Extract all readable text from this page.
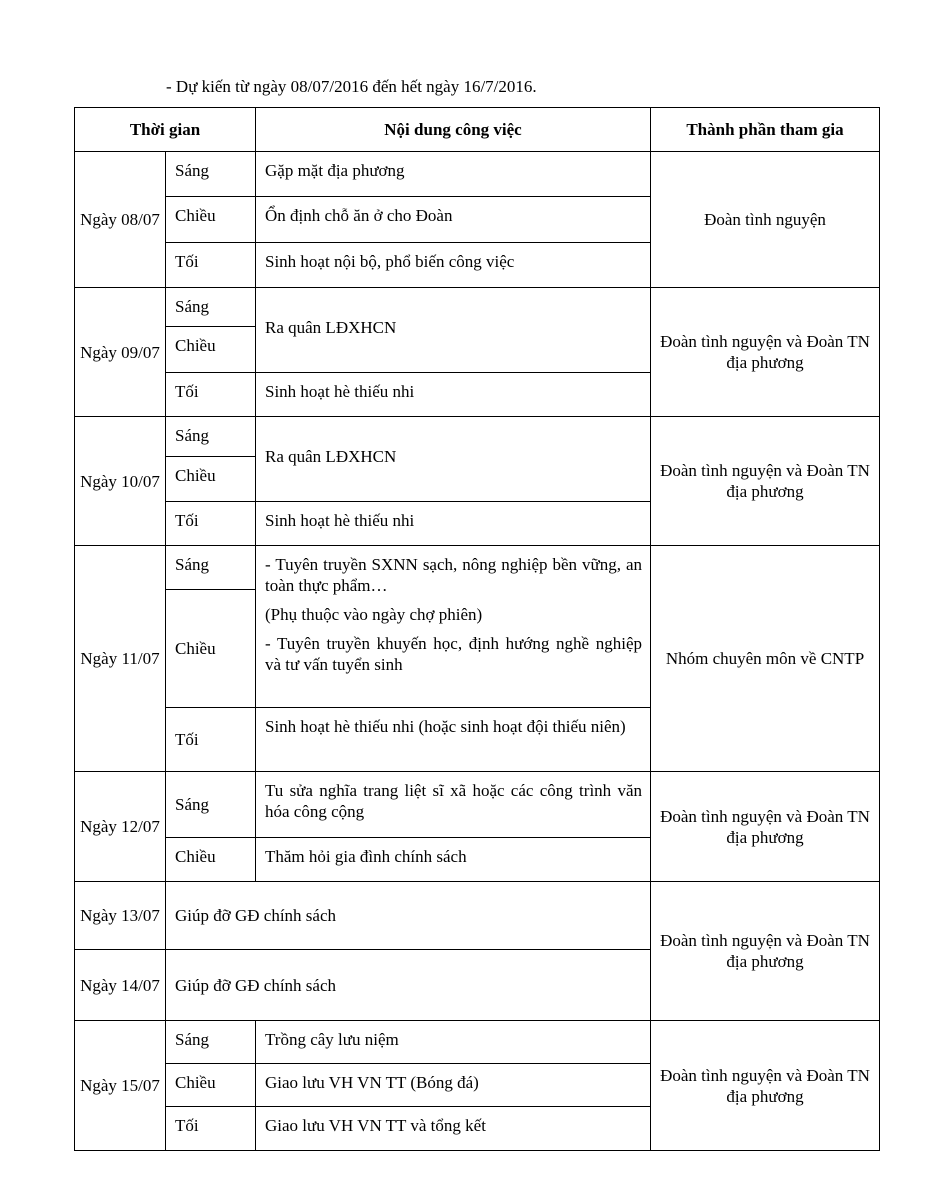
- Dự kiến từ ngày 08/07/2016 đến hết ngày 16/7/2016.
Thời gian		Nội dung công việc	Thành phần tham gia
Ngày 08/07	Sáng	Gặp mặt địa phương	Đoàn tình nguyện
	Chiều	Ổn định chỗ ăn ở cho Đoàn	
	Tối	Sinh hoạt nội bộ, phổ biến công việc	
Ngày 09/07	Sáng	Ra quân LĐXHCN	Đoàn tình nguyện và Đoàn TN địa phương
	Chiều		
	Tối	Sinh hoạt hè thiếu nhi	
Ngày 10/07	Sáng	Ra quân LĐXHCN	Đoàn tình nguyện và Đoàn TN địa phương
	Chiều		
	Tối	Sinh hoạt hè thiếu nhi	
Ngày 11/07	Sáng	- Tuyên truyền SXNN sạch, nông nghiệp bền vững, an toàn thực phẩm…

(Phụ thuộc vào ngày chợ phiên)

- Tuyên truyền khuyến học, định hướng nghề nghiệp và tư vấn tuyển sinh	Nhóm chuyên môn về CNTP
	Chiều		
	Tối	Sinh hoạt hè thiếu nhi (hoặc sinh hoạt đội thiếu niên)	
Ngày 12/07	Sáng	Tu sửa nghĩa trang liệt sĩ xã hoặc các công trình văn hóa công cộng	Đoàn tình nguyện và Đoàn TN địa phương
	Chiều	Thăm hỏi gia đình chính sách	
Ngày 13/07	Giúp đỡ GĐ chính sách		Đoàn tình nguyện và Đoàn TN địa phương
Ngày 14/07	Giúp đỡ GĐ chính sách		
Ngày 15/07	Sáng	Trồng cây lưu niệm	Đoàn tình nguyện và Đoàn TN địa phương
	Chiều	Giao lưu VH VN TT (Bóng đá)	
	Tối	Giao lưu VH VN TT và tổng kết	
